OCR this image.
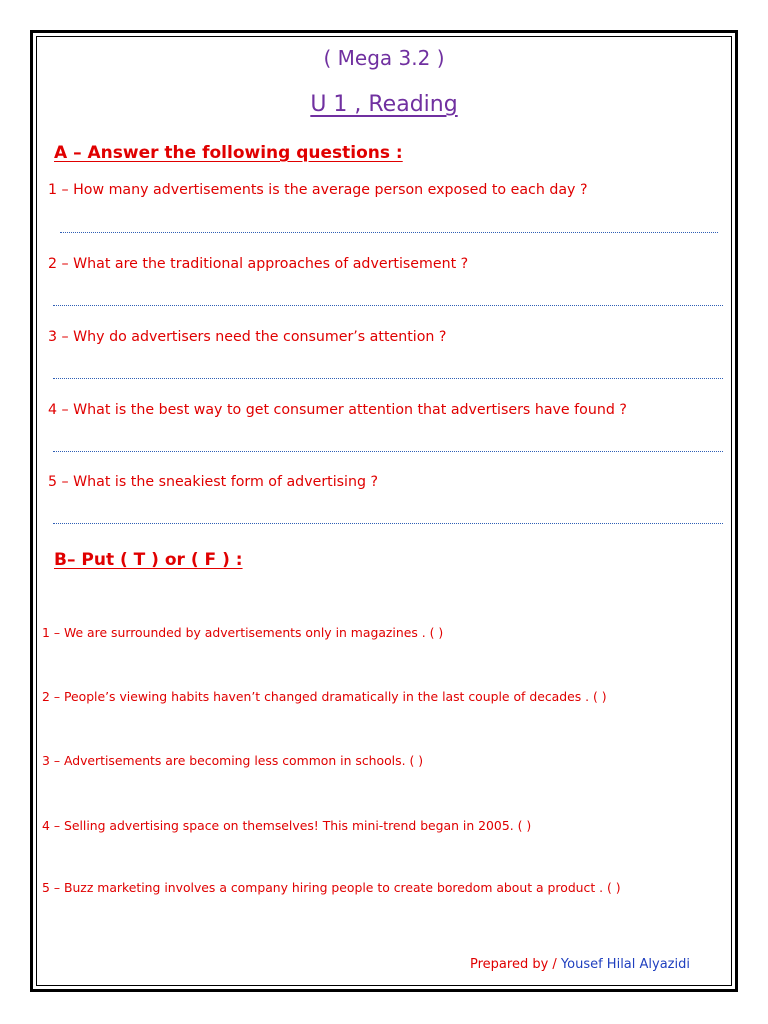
( Mega 3.2 )
U 1 , Reading
A – Answer the following questions :
1 – How many advertisements is the average person exposed to each day ?
2 – What are the traditional approaches of advertisement ?
3 – Why do advertisers need the consumer’s attention ?
4 – What is the best way to get consumer attention that advertisers have found ?
5 – What is the sneakiest form of advertising ?
B– Put ( T ) or ( F ) :
1 – We are surrounded by advertisements only in magazines . ( )
2 – People’s viewing habits haven’t changed dramatically in the last couple of decades . ( )
3 – Advertisements are becoming less common in schools. ( )
4 – Selling advertising space on themselves! This mini-trend began in 2005. ( )
5 – Buzz marketing involves a company hiring people to create boredom about a product . ( )
Prepared by / Yousef Hilal Alyazidi
